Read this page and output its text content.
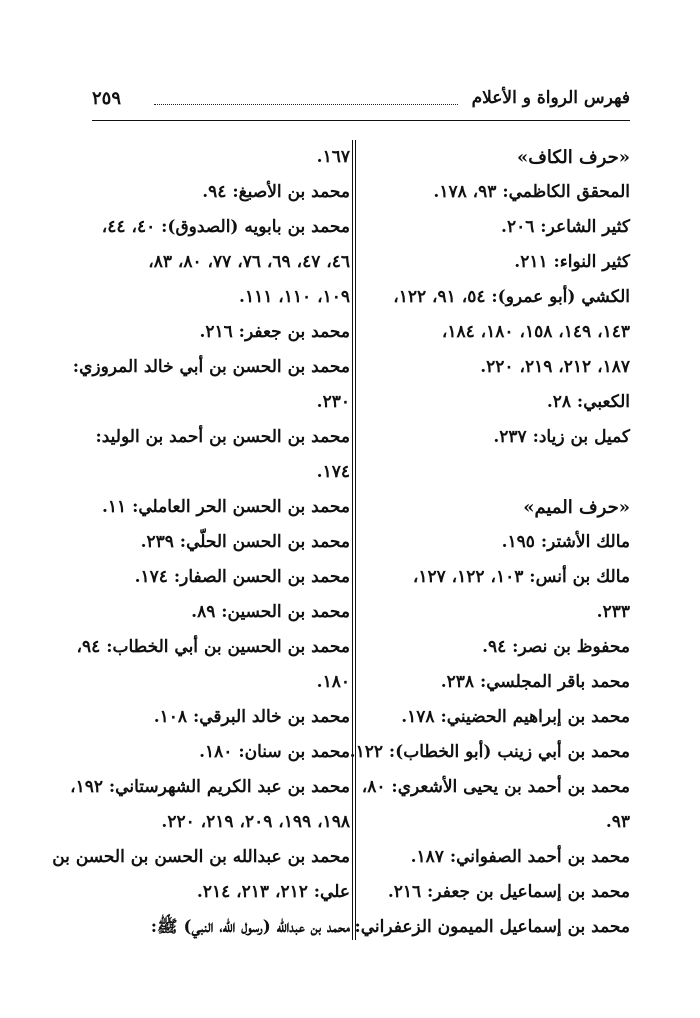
٢٥٩	فهرس الرواة و الأعلام
«حرف الكاف»
المحقق الكاظمي: ٩٣، ١٧٨.
كثير الشاعر: ٢٠٦.
كثير النواء: ٢١١.
الكشي (أبو عمرو): ٥٤، ٩١، ١٢٢،
١٤٣، ١٤٩، ١٥٨، ١٨٠، ١٨٤،
١٨٧، ٢١٢، ٢١٩، ٢٢٠.
الكعبي: ٢٨.
كميل بن زياد: ٢٣٧.
«حرف الميم»
مالك الأشتر: ١٩٥.
مالك بن أنس: ١٠٣، ١٢٢، ١٢٧،
٢٣٣.
محفوظ بن نصر: ٩٤.
محمد باقر المجلسي: ٢٣٨.
محمد بن إبراهيم الحضيني: ١٧٨.
محمد بن أبي زينب (أبو الخطاب): ١٢٢.
محمد بن أحمد بن يحيى الأشعري: ٨٠،
٩٣.
محمد بن أحمد الصفواني: ١٨٧.
محمد بن إسماعيل بن جعفر: ٢١٦.
محمد بن إسماعيل الميمون الزعفراني:
١٦٧.
محمد بن الأصبغ: ٩٤.
محمد بن بابويه (الصدوق): ٤٠، ٤٤،
٤٦، ٤٧، ٦٩، ٧٦، ٧٧، ٨٠، ٨٣،
١٠٩، ١١٠، ١١١.
محمد بن جعفر: ٢١٦.
محمد بن الحسن بن أبي خالد المروزي:
٢٣٠.
محمد بن الحسن بن أحمد بن الوليد:
١٧٤.
محمد بن الحسن الحر العاملي: ١١.
محمد بن الحسن الحلّي: ٢٣٩.
محمد بن الحسن الصفار: ١٧٤.
محمد بن الحسين: ٨٩.
محمد بن الحسين بن أبي الخطاب: ٩٤،
١٨٠.
محمد بن خالد البرقي: ١٠٨.
محمد بن سنان: ١٨٠.
محمد بن عبد الكريم الشهرستاني: ١٩٢،
١٩٨، ١٩٩، ٢٠٩، ٢١٩، ٢٢٠.
محمد بن عبدالله بن الحسن بن الحسن بن
علي: ٢١٢، ٢١٣، ٢١٤.
محمد بن عبدالله (رسول الله، النبي) ﷺ:
